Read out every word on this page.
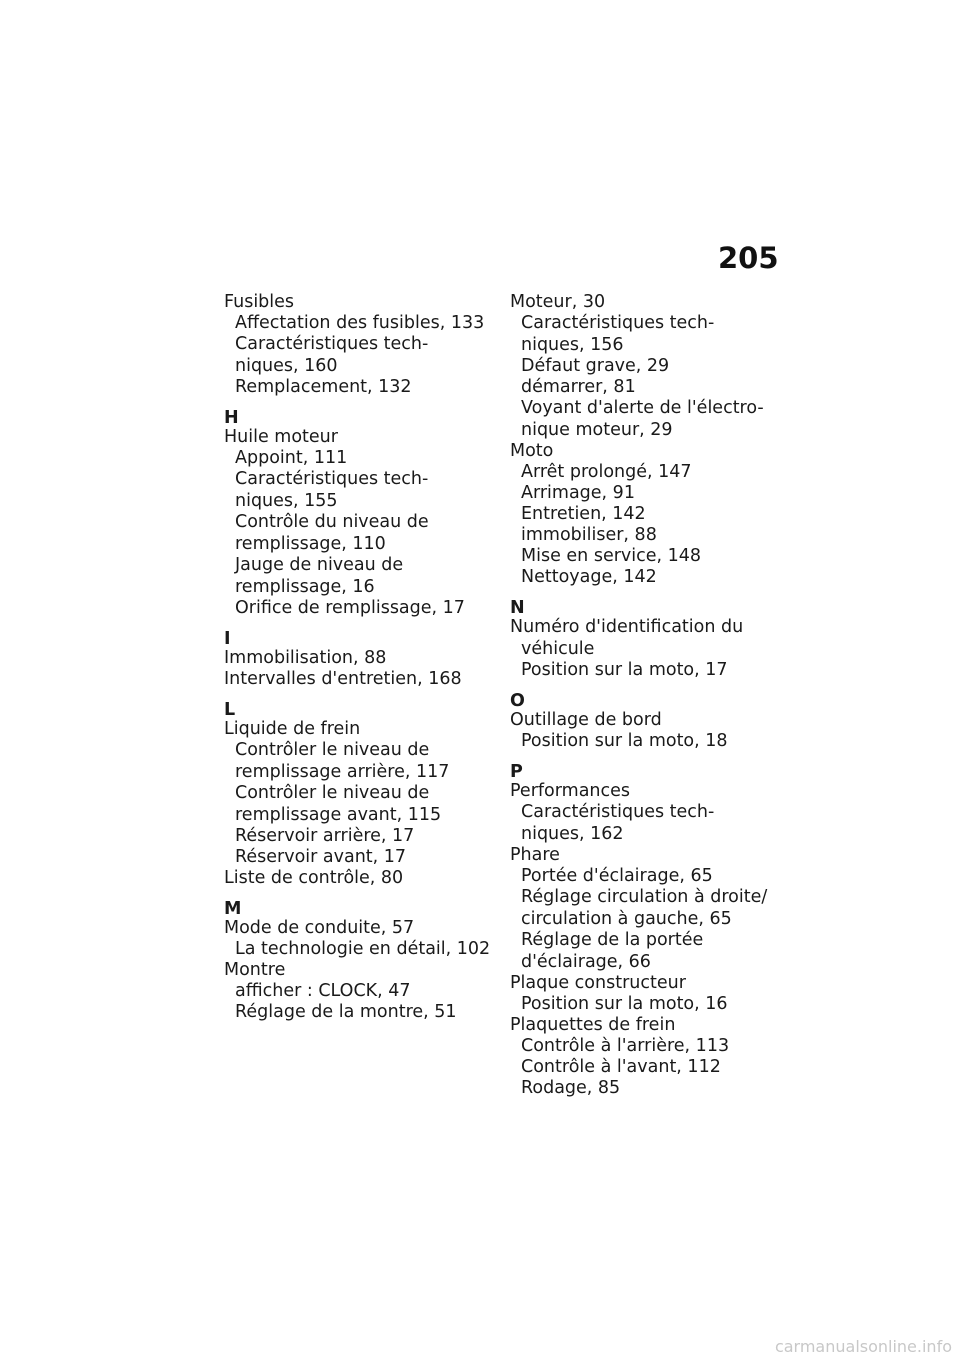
205
Fusibles
Affectation des fusibles, 133
Caractéristiques tech-
niques, 160
Remplacement, 132
H
Huile moteur
Appoint, 111
Caractéristiques tech-
niques, 155
Contrôle du niveau de
remplissage, 110
Jauge de niveau de
remplissage, 16
Orifice de remplissage, 17
I
Immobilisation, 88
Intervalles d'entretien, 168
L
Liquide de frein
Contrôler le niveau de
remplissage arrière, 117
Contrôler le niveau de
remplissage avant, 115
Réservoir arrière, 17
Réservoir avant, 17
Liste de contrôle, 80
M
Mode de conduite, 57
La technologie en détail, 102
Montre
afficher : CLOCK, 47
Réglage de la montre, 51
Moteur, 30
Caractéristiques tech-
niques, 156
Défaut grave, 29
démarrer, 81
Voyant d'alerte de l'électro-
nique moteur, 29
Moto
Arrêt prolongé, 147
Arrimage, 91
Entretien, 142
immobiliser, 88
Mise en service, 148
Nettoyage, 142
N
Numéro d'identification du
véhicule
Position sur la moto, 17
O
Outillage de bord
Position sur la moto, 18
P
Performances
Caractéristiques tech-
niques, 162
Phare
Portée d'éclairage, 65
Réglage circulation à droite/
circulation à gauche, 65
Réglage de la portée
d'éclairage, 66
Plaque constructeur
Position sur la moto, 16
Plaquettes de frein
Contrôle à l'arrière, 113
Contrôle à l'avant, 112
Rodage, 85
carmanualsonline.info
